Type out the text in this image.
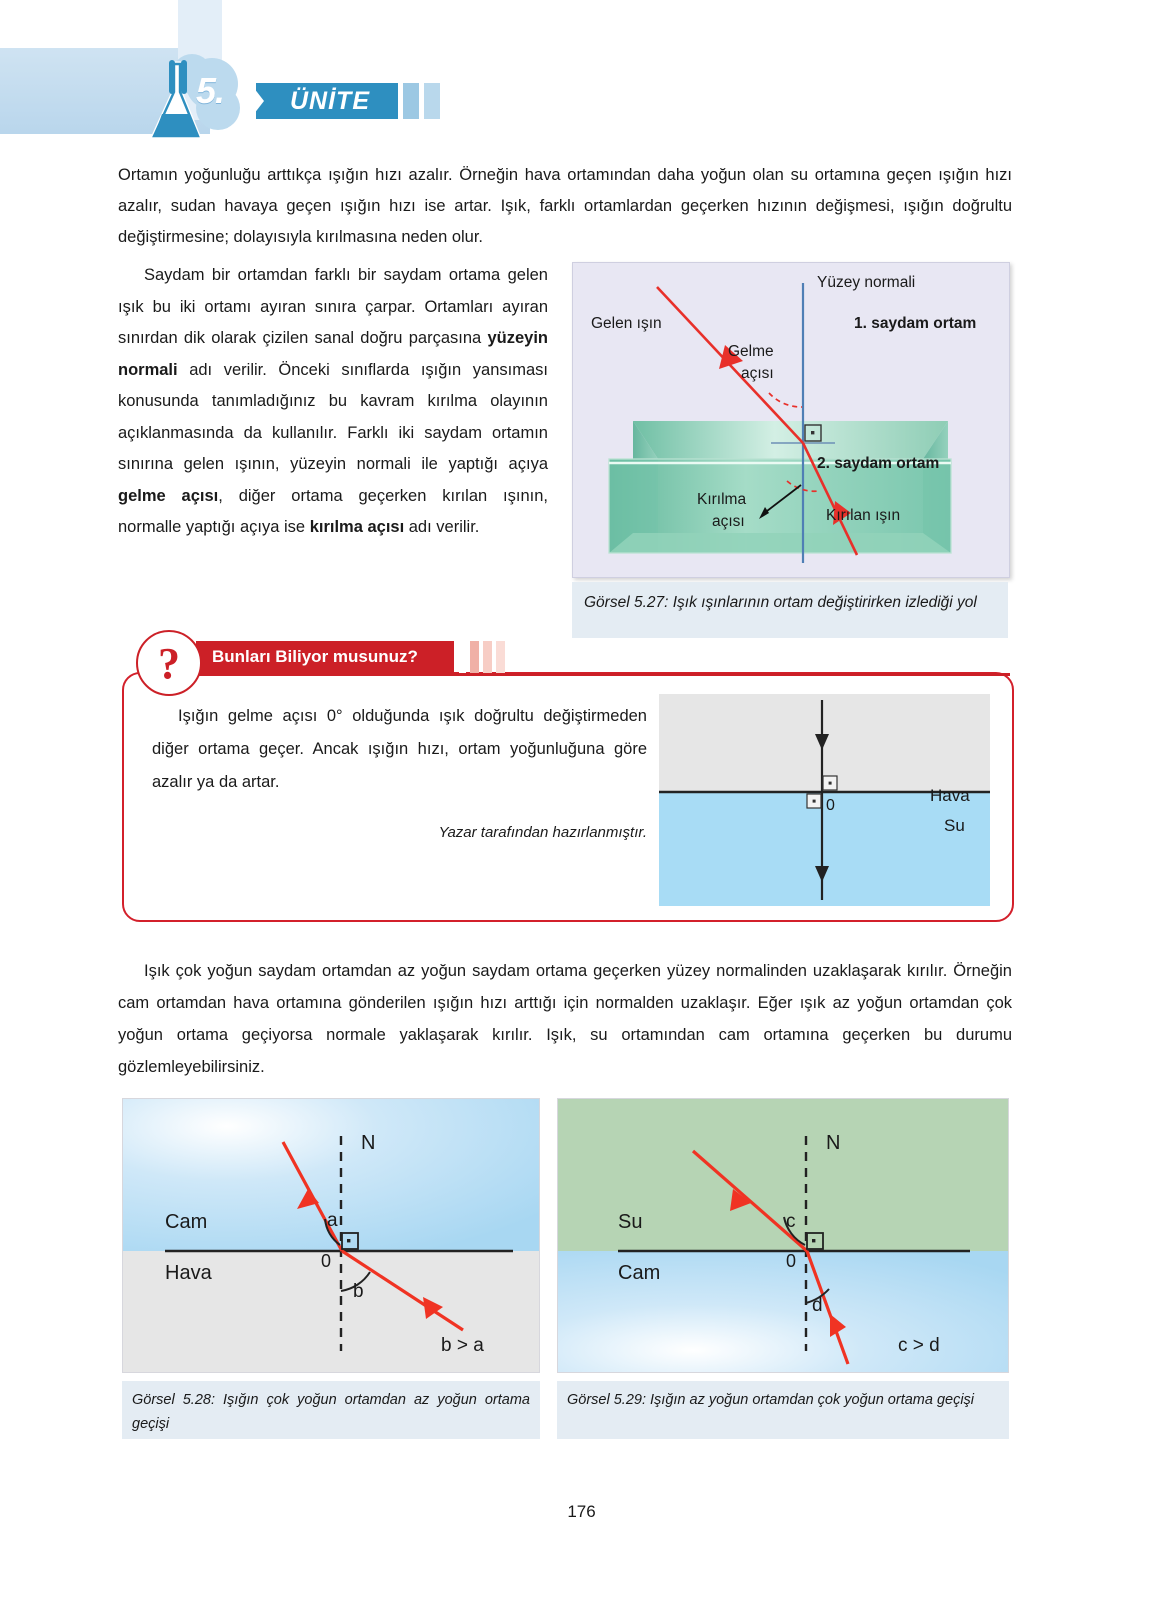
5.	ÜNİTE
Ortamın yoğunluğu arttıkça ışığın hızı azalır. Örneğin hava ortamından daha yoğun olan su ortamına geçen ışığın hızı azalır, sudan havaya geçen ışığın hızı ise artar. Işık, farklı ortamlardan geçerken hızının değişmesi, ışığın doğrultu değiştirmesine; dolayısıyla kırılmasına neden olur.
Saydam bir ortamdan farklı bir saydam ortama gelen ışık bu iki ortamı ayıran sınıra çarpar. Ortamları ayıran sınırdan dik olarak çizilen sanal doğru parçasına yüzeyin normali adı verilir. Önceki sınıflarda ışığın yansıması konusunda tanımladığınız bu kavram kırılma olayının açıklanmasında da kullanılır. Farklı iki saydam ortamın sınırına gelen ışının, yüzeyin normali ile yaptığı açıya gelme açısı, diğer ortama geçerken kırılan ışının, normalle yaptığı açıya ise kırılma açısı adı verilir.
Yüzey normali
Gelen ışın
Gelme
açısı
1. saydam ortam
2. saydam ortam
Kırılma
açısı	Kırılan ışın
Görsel 5.27: Işık ışınlarının ortam değiştirirken izlediği yol
Bunları Biliyor musunuz?
?
Işığın gelme açısı 0° olduğunda ışık doğrultu değiştirmeden diğer ortama geçer. Ancak ışığın hızı, ortam yoğunluğuna göre azalır ya da artar.
Yazar tarafından hazırlanmıştır.
Hava
Su
0
Işık çok yoğun saydam ortamdan az yoğun saydam ortama geçerken yüzey normalinden uzaklaşarak kırılır. Örneğin cam ortamdan hava ortamına gönderilen ışığın hızı arttığı için normalden uzaklaşır. Eğer ışık az yoğun ortamdan çok yoğun ortama geçiyorsa normale yaklaşarak kırılır. Işık, su ortamından cam ortamına geçerken bu durumu gözlemleyebilirsiniz.
N
a
b
0
Cam
Hava
b > a
N
c
d
0
Su
Cam
c > d
Görsel 5.28: Işığın çok yoğun ortamdan az yoğun ortama geçişi
Görsel 5.29: Işığın az yoğun ortamdan çok yoğun ortama geçişi
176
